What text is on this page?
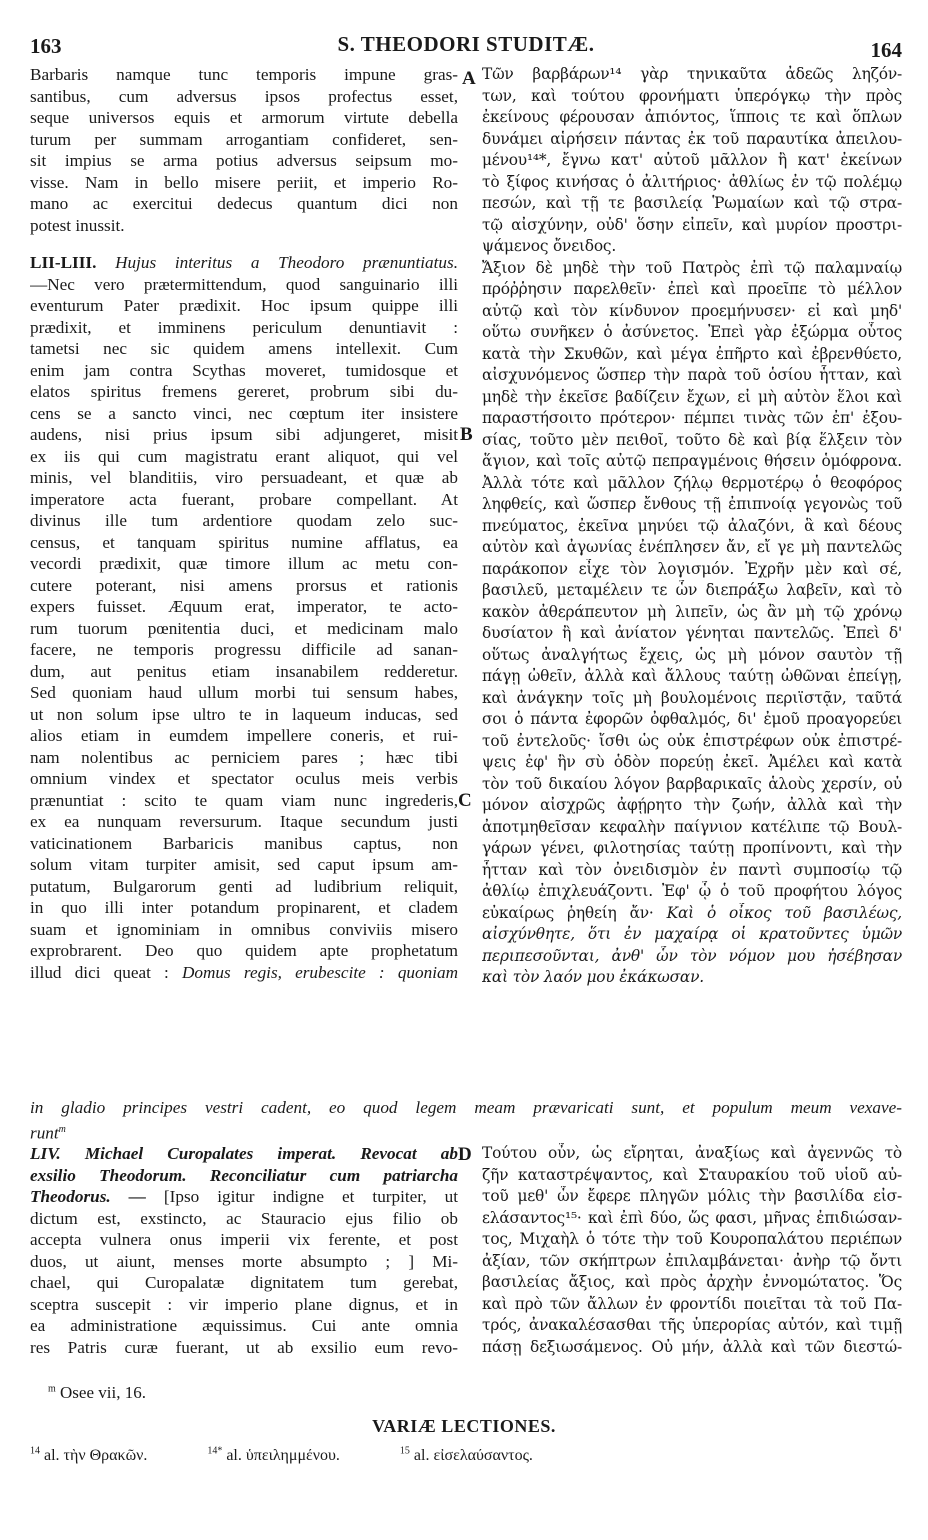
163	S. THEODORI STUDITÆ.	164
A
B
C
D
Barbaris namque tunc temporis impune gras-
santibus, cum adversus ipsos profectus esset,
seque universos equis et armorum virtute debella
turum per summam arrogantiam confideret, sen-
sit impius se arma potius adversus seipsum mo-
visse. Nam in bello misere periit, et imperio Ro-
mano ac exercitui dedecus quantum dici non
potest inussit.
LII-LIII. Hujus interitus a Theodoro prænuntiatus.
—Nec vero prætermittendum, quod sanguinario illi
eventurum Pater prædixit. Hoc ipsum quippe illi
prædixit, et imminens periculum denuntiavit :
tametsi nec sic quidem amens intellexit. Cum
enim jam contra Scythas moveret, tumidosque et
elatos spiritus fremens gereret, probrum sibi du-
cens se a sancto vinci, nec cœptum iter insistere
audens, nisi prius ipsum sibi adjungeret, misit
ex iis qui cum magistratu erant aliquot, qui vel
minis, vel blanditiis, viro persuadeant, et quæ ab
imperatore acta fuerant, probare compellant. At
divinus ille tum ardentiore quodam zelo suc-
census, et tanquam spiritus numine afflatus, ea
vecordi prædixit, quæ timore illum ac metu con-
cutere poterant, nisi amens prorsus et rationis
expers fuisset. Æquum erat, imperator, te acto-
rum tuorum pœnitentia duci, et medicinam malo
facere, ne temporis progressu difficile ad sanan-
dum, aut penitus etiam insanabilem redderetur.
Sed quoniam haud ullum morbi tui sensum habes,
ut non solum ipse ultro te in laqueum inducas, sed
alios etiam in eumdem impellere coneris, et rui-
nam nolentibus ac perniciem pares ; hæc tibi
omnium vindex et spectator oculus meis verbis
prænuntiat : scito te quam viam nunc ingrederis,
ex ea nunquam reversurum. Itaque secundum justi
vaticinationem Barbaricis manibus captus, non
solum vitam turpiter amisit, sed caput ipsum am-
putatum, Bulgarorum genti ad ludibrium reliquit,
in quo illi inter potandum propinarent, et cladem
suam et ignominiam in omnibus conviviis misero
exprobrarent. Deo quo quidem apte prophetatum
illud dici queat : Domus regis, erubescite : quoniam
Τῶν βαρβάρων¹⁴ γὰρ τηνικαῦτα ἀδεῶς ληζόν-
των, καὶ τούτου φρονήματι ὑπερόγκῳ τὴν πρὸς
ἐκείνους φέρουσαν ἀπιόντος, ἵπποις τε καὶ ὅπλων
δυνάμει αἱρήσειν πάντας ἐκ τοῦ παραυτίκα ἀπειλου-
μένου¹⁴*, ἔγνω κατ' αὐτοῦ μᾶλλον ἢ κατ' ἐκείνων
τὸ ξίφος κινήσας ὁ ἀλιτήριος· ἀθλίως ἐν τῷ πολέμῳ
πεσών, καὶ τῇ τε βασιλείᾳ Ῥωμαίων καὶ τῷ στρα-
τῷ αἰσχύνην, οὐδ' ὅσην εἰπεῖν, καὶ μυρίον προστρι-
ψάμενος ὄνειδος.
Ἄξιον δὲ μηδὲ τὴν τοῦ Πατρὸς ἐπὶ τῷ παλαμναίῳ
πρόῤῥησιν παρελθεῖν· ἐπεὶ καὶ προεῖπε τὸ μέλλον
αὐτῷ καὶ τὸν κίνδυνον προεμήνυσεν· εἰ καὶ μηδ'
οὕτω συνῆκεν ὁ ἀσύνετος. Ἐπεὶ γὰρ ἐξώρμα οὗτος
κατὰ τὴν Σκυθῶν, καὶ μέγα ἐπῆρτο καὶ ἐβρενθύετο,
αἰσχυνόμενος ὥσπερ τὴν παρὰ τοῦ ὁσίου ἧτταν, καὶ
μηδὲ τὴν ἐκεῖσε βαδίζειν ἔχων, εἰ μὴ αὐτὸν ἕλοι καὶ
παραστήσοιτο πρότερον· πέμπει τινὰς τῶν ἐπ' ἐξου-
σίας, τοῦτο μὲν πειθοῖ, τοῦτο δὲ καὶ βίᾳ ἕλξειν τὸν
ἅγιον, καὶ τοῖς αὐτῷ πεπραγμένοις θήσειν ὁμόφρονα.
Ἀλλὰ τότε καὶ μᾶλλον ζήλῳ θερμοτέρῳ ὁ θεοφόρος
ληφθείς, καὶ ὥσπερ ἔνθους τῇ ἐπιπνοίᾳ γεγονὼς τοῦ
πνεύματος, ἐκεῖνα μηνύει τῷ ἀλαζόνι, ἃ καὶ δέους
αὐτὸν καὶ ἀγωνίας ἐνέπλησεν ἄν, εἴ γε μὴ παντελῶς
παράκοπον εἶχε τὸν λογισμόν. Ἐχρῆν μὲν καὶ σέ,
βασιλεῦ, μεταμέλειν τε ὧν διεπράξω λαβεῖν, καὶ τὸ
κακὸν ἀθεράπευτον μὴ λιπεῖν, ὡς ἂν μὴ τῷ χρόνῳ
δυσίατον ἢ καὶ ἀνίατον γένηται παντελῶς. Ἐπεὶ δ'
οὕτως ἀναλγήτως ἔχεις, ὡς μὴ μόνον σαυτὸν τῇ
πάγῃ ὠθεῖν, ἀλλὰ καὶ ἄλλους ταύτῃ ὠθῶναι ἐπείγῃ,
καὶ ἀνάγκην τοῖς μὴ βουλομένοις περιϊστᾷν, ταῦτά
σοι ὁ πάντα ἐφορῶν ὀφθαλμός, δι' ἐμοῦ προαγορεύει
τοῦ ἐντελοῦς· ἴσθι ὡς οὐκ ἐπιστρέφων οὐκ ἐπιστρέ-
ψεις ἐφ' ἣν σὺ ὁδὸν πορεύῃ ἐκεῖ. Ἀμέλει καὶ κατὰ
τὸν τοῦ δικαίου λόγον βαρβαρικαῖς ἁλοὺς χερσίν, οὐ
μόνον αἰσχρῶς ἀφῄρητο τὴν ζωήν, ἀλλὰ καὶ τὴν
ἀποτμηθεῖσαν κεφαλὴν παίγνιον κατέλιπε τῷ Βουλ-
γάρων γένει, φιλοτησίας ταύτῃ προπίνοντι, καὶ τὴν
ἧτταν καὶ τὸν ὀνειδισμὸν ἐν παντὶ συμποσίῳ τῷ
ἀθλίῳ ἐπιχλευάζοντι. Ἐφ' ᾧ ὁ τοῦ προφήτου λόγος
εὐκαίρως ῥηθείη ἄν· Καὶ ὁ οἶκος τοῦ βασιλέως,
αἰσχύνθητε, ὅτι ἐν μαχαίρᾳ οἱ κρατοῦντες ὑμῶν
περιπεσοῦνται, ἀνθ' ὧν τὸν νόμον μου ἠσέβησαν
καὶ τὸν λαόν μου ἐκάκωσαν.
in gladio principes vestri cadent, eo quod legem meam prævaricati sunt, et populum meum vexave-
runt$^m$
LIV. Michael Curopalates imperat. Revocat ab
exsilio Theodorum. Reconciliatur cum patriarcha
Theodorus. — [Ipso igitur indigne et turpiter, ut
dictum est, exstincto, ac Stauracio ejus filio ob
accepta vulnera onus imperii vix ferente, et post
duos, ut aiunt, menses morte absumpto ; ] Mi-
chael, qui Curopalatæ dignitatem tum gerebat,
sceptra suscepit : vir imperio plane dignus, et in
ea administratione æquissimus. Cui ante omnia
res Patris curæ fuerant, ut ab exsilio eum revo-
Τούτου οὖν, ὡς εἴρηται, ἀναξίως καὶ ἀγεννῶς τὸ
ζῆν καταστρέψαντος, καὶ Σταυρακίου τοῦ υἱοῦ αὐ-
τοῦ μεθ' ὧν ἔφερε πληγῶν μόλις τὴν βασιλίδα εἰσ-
ελάσαντος¹⁵· καὶ ἐπὶ δύο, ὥς φασι, μῆνας ἐπιδιώσαν-
τος, Μιχαὴλ ὁ τότε τὴν τοῦ Κουροπαλάτου περιέπων
ἀξίαν, τῶν σκήπτρων ἐπιλαμβάνεται· ἀνὴρ τῷ ὄντι
βασιλείας ἄξιος, καὶ πρὸς ἀρχὴν ἐννομώτατος. Ὅς
καὶ πρὸ τῶν ἄλλων ἐν φροντίδι ποιεῖται τὰ τοῦ Πα-
τρός, ἀνακαλέσασθαι τῆς ὑπερορίας αὐτόν, καὶ τιμῇ
πάσῃ δεξιωσάμενος. Οὐ μήν, ἀλλὰ καὶ τῶν διεστώ-
$^m$ Osee vii, 16.
VARIÆ LECTIONES.
$^{14}$ al. τὴν Θρακῶν.	$^{14*}$ al. ὑπειλημμένου.	$^{15}$ al. εἰσελαύσαντος.
